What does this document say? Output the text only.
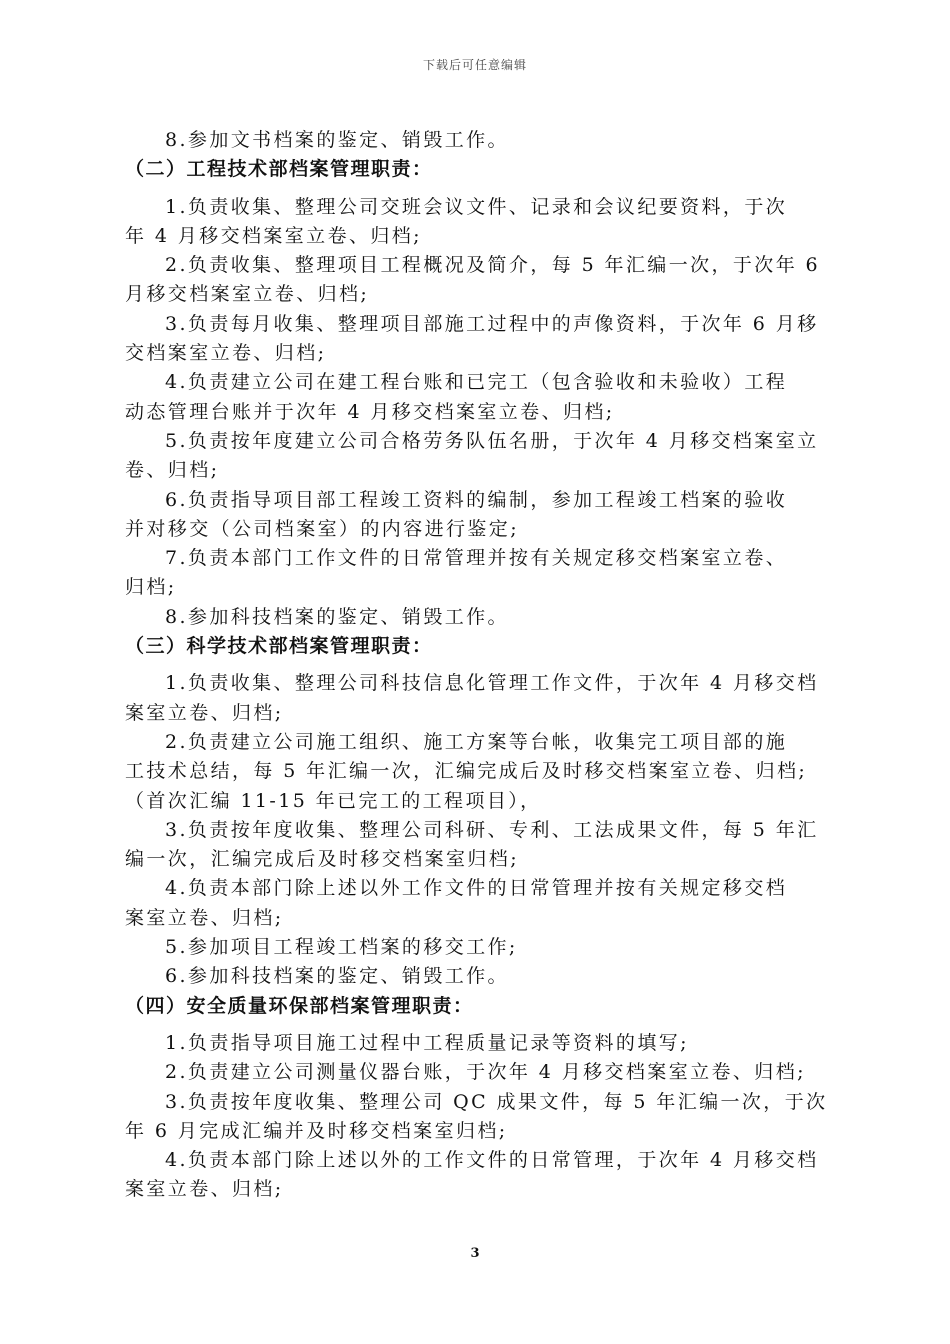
下载后可任意编辑
8.参加文书档案的鉴定、销毁工作。
（二）工程技术部档案管理职责：
1.负责收集、整理公司交班会议文件、记录和会议纪要资料，于次
年 4 月移交档案室立卷、归档;
2.负责收集、整理项目工程概况及简介，每 5 年汇编一次，于次年 6
月移交档案室立卷、归档;
3.负责每月收集、整理项目部施工过程中的声像资料，于次年 6 月移
交档案室立卷、归档;
4.负责建立公司在建工程台账和已完工（包含验收和未验收）工程
动态管理台账并于次年 4 月移交档案室立卷、归档;
5.负责按年度建立公司合格劳务队伍名册，于次年 4 月移交档案室立
卷、归档;
6.负责指导项目部工程竣工资料的编制，参加工程竣工档案的验收
并对移交（公司档案室）的内容进行鉴定;
7.负责本部门工作文件的日常管理并按有关规定移交档案室立卷、
归档;
8.参加科技档案的鉴定、销毁工作。
（三）科学技术部档案管理职责：
1.负责收集、整理公司科技信息化管理工作文件，于次年 4 月移交档
案室立卷、归档;
2.负责建立公司施工组织、施工方案等台帐，收集完工项目部的施
工技术总结，每 5 年汇编一次，汇编完成后及时移交档案室立卷、归档;
（首次汇编 11-15 年已完工的工程项目），
3.负责按年度收集、整理公司科研、专利、工法成果文件，每 5 年汇
编一次，汇编完成后及时移交档案室归档;
4.负责本部门除上述以外工作文件的日常管理并按有关规定移交档
案室立卷、归档;
5.参加项目工程竣工档案的移交工作;
6.参加科技档案的鉴定、销毁工作。
（四）安全质量环保部档案管理职责：
1.负责指导项目施工过程中工程质量记录等资料的填写;
2.负责建立公司测量仪器台账，于次年 4 月移交档案室立卷、归档;
3.负责按年度收集、整理公司 QC 成果文件，每 5 年汇编一次，于次
年 6 月完成汇编并及时移交档案室归档;
4.负责本部门除上述以外的工作文件的日常管理，于次年 4 月移交档
案室立卷、归档;
3
